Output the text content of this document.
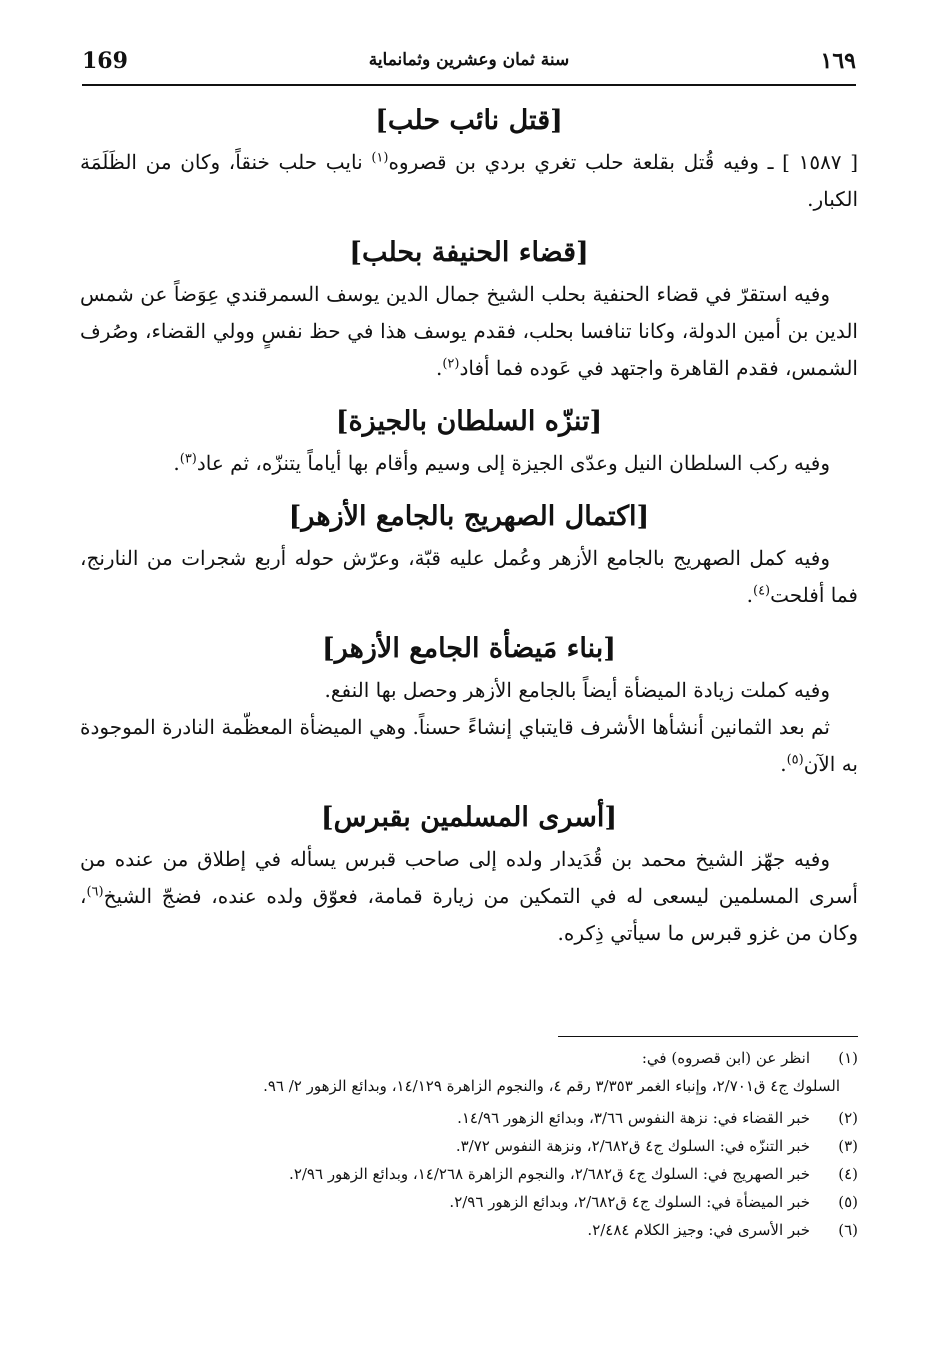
169	سنة ثمان وعشرين وثمانماية	١٦٩
[قتل نائب حلب]

[ ١٥٨٧ ] ـ وفيه قُتل بقلعة حلب تغري بردي بن قصروه$^{(١)}$ نايب حلب خنقاً، وكان من الظَلَمَة الكبار.

[قضاء الحنيفة بحلب]

وفيه استقرّ في قضاء الحنفية بحلب الشيخ جمال الدين يوسف السمرقندي عِوَضاً عن شمس الدين بن أمين الدولة، وكانا تنافسا بحلب، فقدم يوسف هذا في حظ نفسٍ وولي القضاء، وصُرف الشمس، فقدم القاهرة واجتهد في عَوده فما أفاد$^{(٢)}$.

[تنزّه السلطان بالجيزة]

وفيه ركب السلطان النيل وعدّى الجيزة إلى وسيم وأقام بها أياماً يتنزّه، ثم عاد$^{(٣)}$.

[اكتمال الصهريج بالجامع الأزهر]

وفيه كمل الصهريج بالجامع الأزهر وعُمل عليه قبّة، وعرّش حوله أربع شجرات من النارنج، فما أفلحت$^{(٤)}$.

[بناء مَيضأة الجامع الأزهر]

وفيه كملت زيادة الميضأة أيضاً بالجامع الأزهر وحصل بها النفع.

ثم بعد الثمانين أنشأها الأشرف قايتباي إنشاءً حسناً. وهي الميضأة المعظّمة النادرة الموجودة به الآن$^{(٥)}$.

[أسرى المسلمين بقبرس]

وفيه جهّز الشيخ محمد بن قُدَيدار ولده إلى صاحب قبرس يسأله في إطلاق من عنده من أسرى المسلمين ليسعى له في التمكين من زيارة قمامة، فعوّق ولده عنده، فضجّ الشيخ$^{(٦)}$، وكان من غزو قبرس ما سيأتي ذِكره.

(١)
انظر عن (ابن قصروه) في:
السلوك ج٤ ق٢/٧٠١، وإنباء الغمر ٣/٣٥٣ رقم ٤، والنجوم الزاهرة ١٤/١٢٩، وبدائع الزهور ٢/ ٩٦.

(٢)
خبر القضاء في: نزهة النفوس ٣/٦٦، وبدائع الزهور ١٤/٩٦.

(٣)
خبر التنزّه في: السلوك ج٤ ق٢/٦٨٢، ونزهة النفوس ٣/٧٢.

(٤)
خبر الصهريج في: السلوك ج٤ ق٢/٦٨٢، والنجوم الزاهرة ١٤/٢٦٨، وبدائع الزهور ٢/٩٦.

(٥)
خبر الميضأة في: السلوك ج٤ ق٢/٦٨٢، وبدائع الزهور ٢/٩٦.

(٦)
خبر الأسرى في: وجيز الكلام ٢/٤٨٤.
